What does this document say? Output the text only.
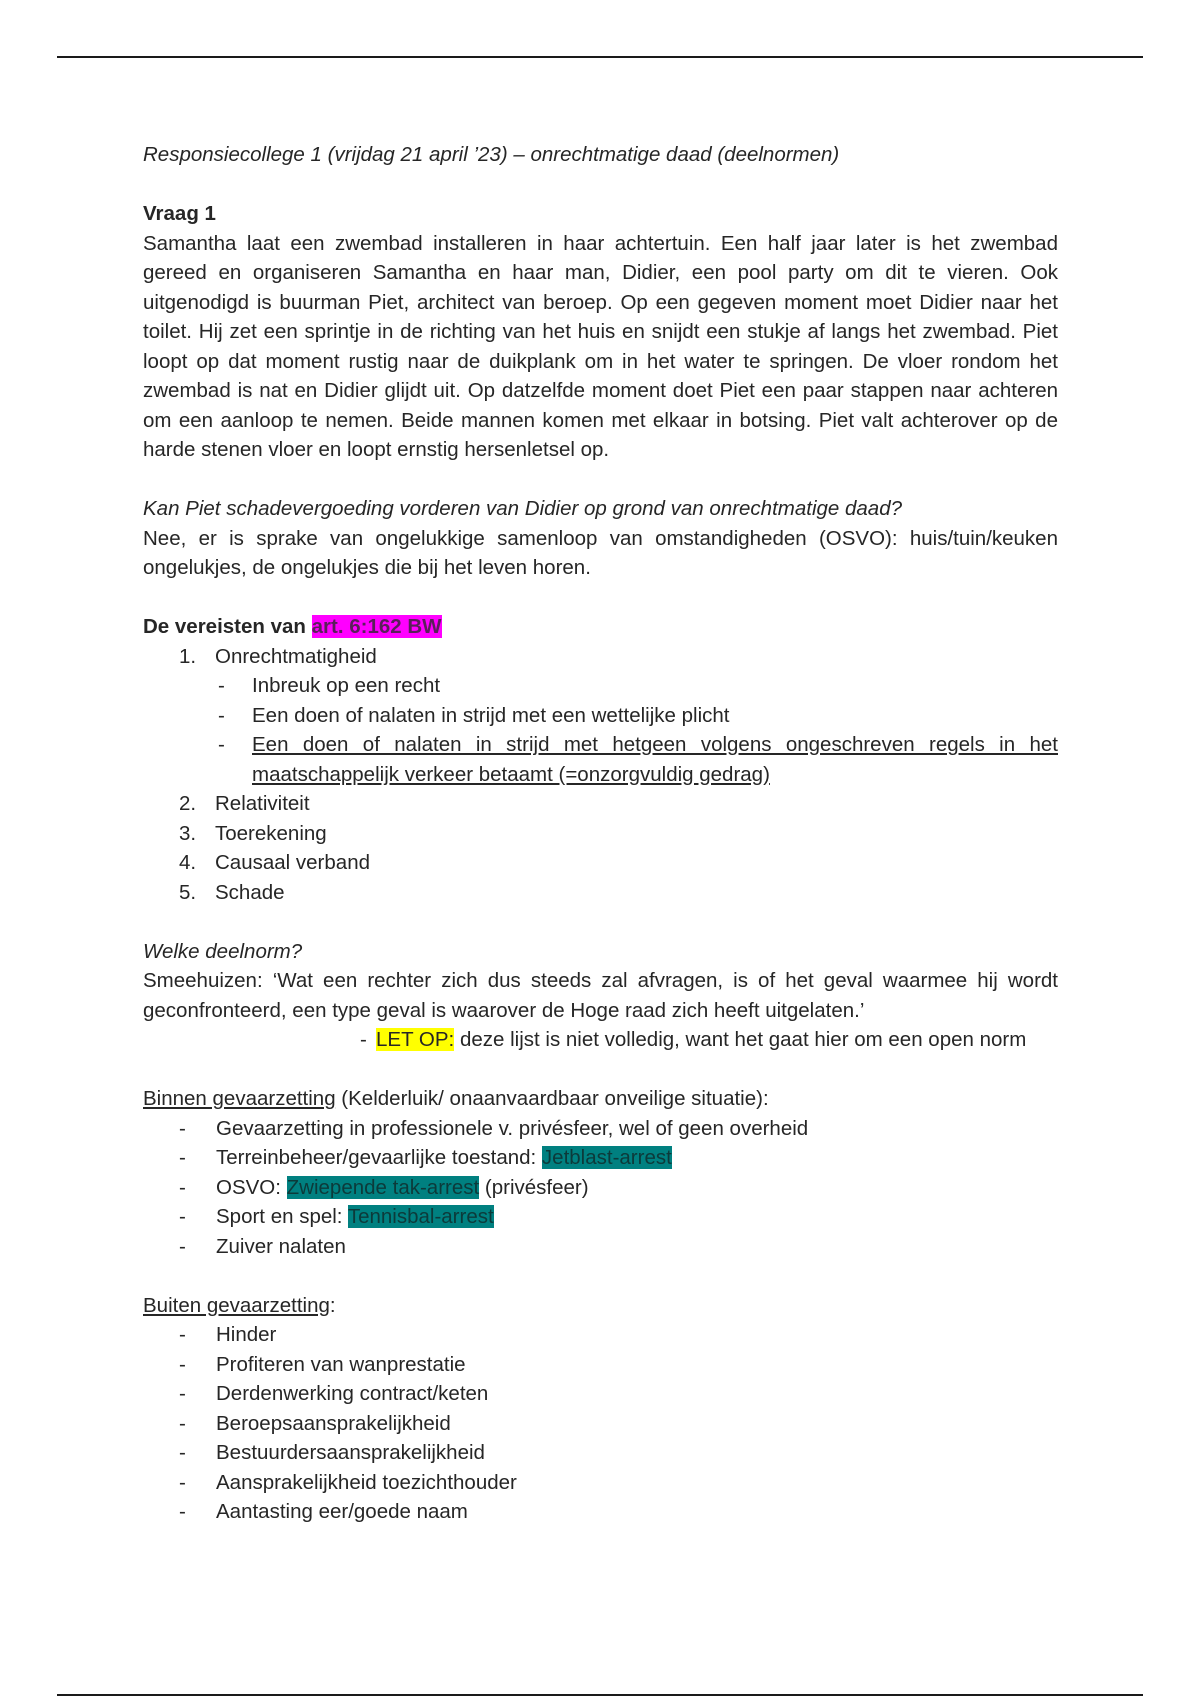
Responsiecollege 1 (vrijdag 21 april ’23) – onrechtmatige daad (deelnormen)

Vraag 1

Samantha laat een zwembad installeren in haar achtertuin. Een half jaar later is het zwembad gereed en organiseren Samantha en haar man, Didier, een pool party om dit te vieren. Ook uitgenodigd is buurman Piet, architect van beroep. Op een gegeven moment moet Didier naar het toilet. Hij zet een sprintje in de richting van het huis en snijdt een stukje af langs het zwembad. Piet loopt op dat moment rustig naar de duikplank om in het water te springen. De vloer rondom het zwembad is nat en Didier glijdt uit. Op datzelfde moment doet Piet een paar stappen naar achteren om een aanloop te nemen. Beide mannen komen met elkaar in botsing. Piet valt achterover op de harde stenen vloer en loopt ernstig hersenletsel op.

Kan Piet schadevergoeding vorderen van Didier op grond van onrechtmatige daad?

Nee, er is sprake van ongelukkige samenloop van omstandigheden (OSVO): huis/tuin/keuken ongelukjes, de ongelukjes die bij het leven horen.

De vereisten van art. 6:162 BW

1. Onrechtmatigheid
- Inbreuk op een recht
- Een doen of nalaten in strijd met een wettelijke plicht
- Een doen of nalaten in strijd met hetgeen volgens ongeschreven regels in het maatschappelijk verkeer betaamt (=onzorgvuldig gedrag)
2. Relativiteit
3. Toerekening
4. Causaal verband
5. Schade

Welke deelnorm?

Smeehuizen: ‘Wat een rechter zich dus steeds zal afvragen, is of het geval waarmee hij wordt geconfronteerd, een type geval is waarover de Hoge raad zich heeft uitgelaten.’

- LET OP: deze lijst is niet volledig, want het gaat hier om een open norm

Binnen gevaarzetting (Kelderluik/ onaanvaardbaar onveilige situatie):

- Gevaarzetting in professionele v. privésfeer, wel of geen overheid
- Terreinbeheer/gevaarlijke toestand: Jetblast-arrest
- OSVO: Zwiepende tak-arrest (privésfeer)
- Sport en spel: Tennisbal-arrest
- Zuiver nalaten

Buiten gevaarzetting:

- Hinder
- Profiteren van wanprestatie
- Derdenwerking contract/keten
- Beroepsaansprakelijkheid
- Bestuurdersaansprakelijkheid
- Aansprakelijkheid toezichthouder
- Aantasting eer/goede naam
